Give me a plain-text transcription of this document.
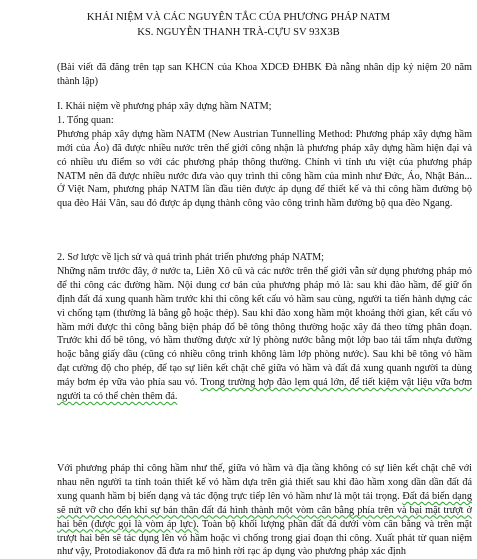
KHÁI NIỆM VÀ CÁC NGUYÊN TẮC CỦA PHƯƠNG PHÁP NATM

KS. NGUYỄN THANH TRÀ-CỰU SV 93X3B

(Bài viết đã đăng trên tạp san KHCN của Khoa XDCĐ ĐHBK Đà nẵng nhân dịp kỷ niệm 20 năm thành lập)

I. Khái niệm về phương pháp xây dựng hầm NATM;

1. Tổng quan:

Phương pháp xây dựng hầm NATM (New Austrian Tunnelling Method: Phương pháp xây dựng hầm mới của Áo) đã được nhiều nước trên thế giới công nhận là phương pháp xây dựng hầm hiện đại và có nhiều ưu điểm so với các phương pháp thông thường. Chính vì tính ưu việt của phương pháp NATM nên đã được nhiều nước đưa vào quy trình thi công hầm của mình như Đức, Áo, Nhật Bản... Ở Việt Nam, phương pháp NATM lần đầu tiên được áp dụng để thiết kế và thi công hầm đường bộ qua đèo Hải Vân, sau đó được áp dụng thành công vào công trình hầm đường bộ qua đèo Ngang.

2. Sơ lược về lịch sử và quá trình phát triển phương pháp NATM;

Những năm trước đây, ở nước ta, Liên Xô cũ và các nước trên thế giới vẫn sử dụng phương pháp mỏ để thi công các đường hầm. Nội dung cơ bản của phương pháp mỏ là: sau khi đào hầm, để giữ ổn định đất đá xung quanh hầm trước khi thi công kết cấu vỏ hầm sau cùng, người ta tiến hành dựng các vì chống tạm (thường là bằng gỗ hoặc thép). Sau khi đào xong hầm một khoảng thời gian, kết cấu vỏ hầm mới được thi công bằng biện pháp đổ bê tông thông thường hoặc xây đá theo từng phân đoạn. Trước khi đổ bê tông, vỏ hầm thường được xử lý phòng nước bằng một lớp bao tải tẩm nhựa đường hoặc bằng giấy dầu (cũng có nhiều công trình không làm lớp phòng nước). Sau khi bê tông vỏ hầm đạt cường độ cho phép, để tạo sự liên kết chặt chẽ giữa vỏ hầm và đất đá xung quanh người ta dùng máy bơm ép vữa vào phía sau vỏ. Trong trường hợp đào lẹm quá lớn, để tiết kiệm vật liệu vữa bơm người ta có thể chèn thêm đá.

Với phương pháp thi công hầm như thế, giữa vỏ hầm và địa tầng không có sự liên kết chặt chẽ với nhau nên người ta tính toán thiết kế vỏ hầm dựa trên giả thiết sau khi đào hầm xong dần dần đất đá xung quanh hầm bị biến dạng và tác động trực tiếp lên vỏ hầm như là một tải trọng. Đất đá biến dạng sẽ nứt vỡ cho đến khi sự bán thân đất đá hình thành một vòm cân bằng phía trên và bại mặt trượt ở hai bên (được gọi là vòm áp lực). Toàn bộ khối lượng phần đất đá dưới vòm cân bằng và trên mặt trượt hai bên sẽ tác dụng lên vỏ hầm hoặc vì chống trong giai đoạn thi công. Xuất phát từ quan niệm như vậy, Protodiakonov đã đưa ra mô hình rời rạc áp dụng vào phương pháp xác định
